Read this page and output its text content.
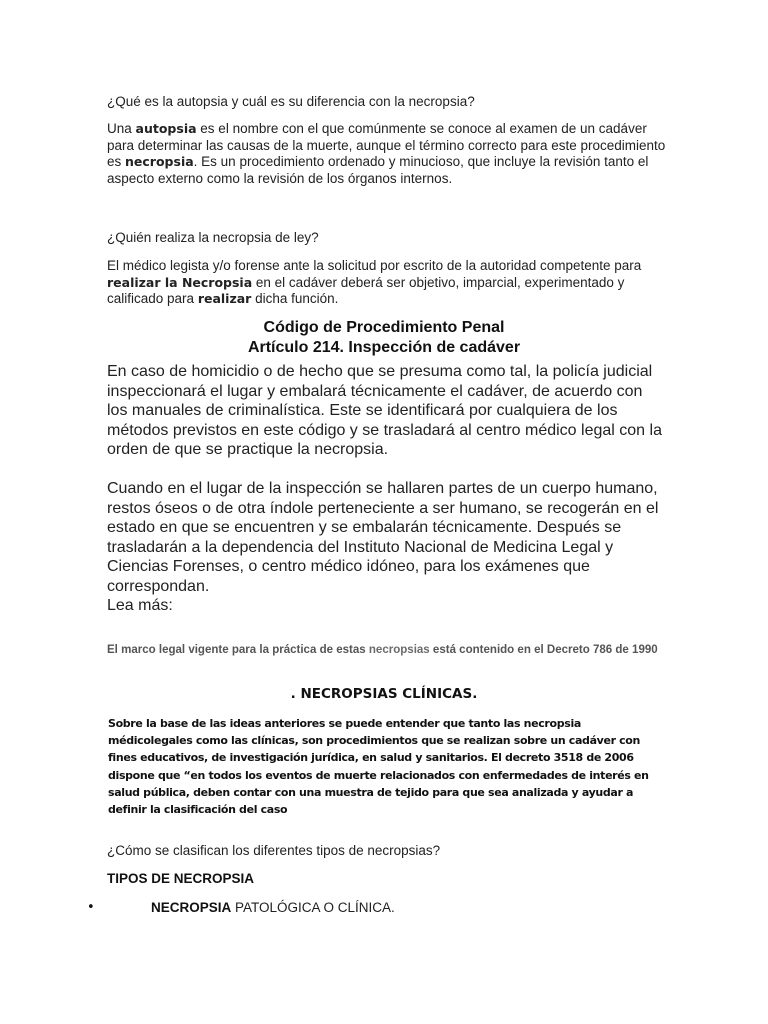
¿Qué es la autopsia y cuál es su diferencia con la necropsia?

Una autopsia es el nombre con el que comúnmente se conoce al examen de un cadáver para determinar las causas de la muerte, aunque el término correcto para este procedimiento es necropsia. Es un procedimiento ordenado y minucioso, que incluye la revisión tanto el aspecto externo como la revisión de los órganos internos.

¿Quién realiza la necropsia de ley?

El médico legista y/o forense ante la solicitud por escrito de la autoridad competente para realizar la Necropsia en el cadáver deberá ser objetivo, imparcial, experimentado y calificado para realizar dicha función.

Código de Procedimiento Penal

Artículo 214. Inspección de cadáver

En caso de homicidio o de hecho que se presuma como tal, la policía judicial inspeccionará el lugar y embalará técnicamente el cadáver, de acuerdo con los manuales de criminalística. Este se identificará por cualquiera de los métodos previstos en este código y se trasladará al centro médico legal con la orden de que se practique la necropsia.

Cuando en el lugar de la inspección se hallaren partes de un cuerpo humano, restos óseos o de otra índole perteneciente a ser humano, se recogerán en el estado en que se encuentren y se embalarán técnicamente. Después se trasladarán a la dependencia del Instituto Nacional de Medicina Legal y Ciencias Forenses, o centro médico idóneo, para los exámenes que correspondan.

Lea más:

El marco legal vigente para la práctica de estas necropsias está contenido en el Decreto 786 de 1990

. NECROPSIAS CLÍNICAS.

Sobre la base de las ideas anteriores se puede entender que tanto las necropsia médicolegales como las clínicas, son procedimientos que se realizan sobre un cadáver con fines educativos, de investigación jurídica, en salud y sanitarios. El decreto 3518 de 2006 dispone que “en todos los eventos de muerte relacionados con enfermedades de interés en salud pública, deben contar con una muestra de tejido para que sea analizada y ayudar a definir la clasificación del caso

¿Cómo se clasifican los diferentes tipos de necropsias?

TIPOS DE NECROPSIA

•	NECROPSIA PATOLÓGICA O CLÍNICA.
